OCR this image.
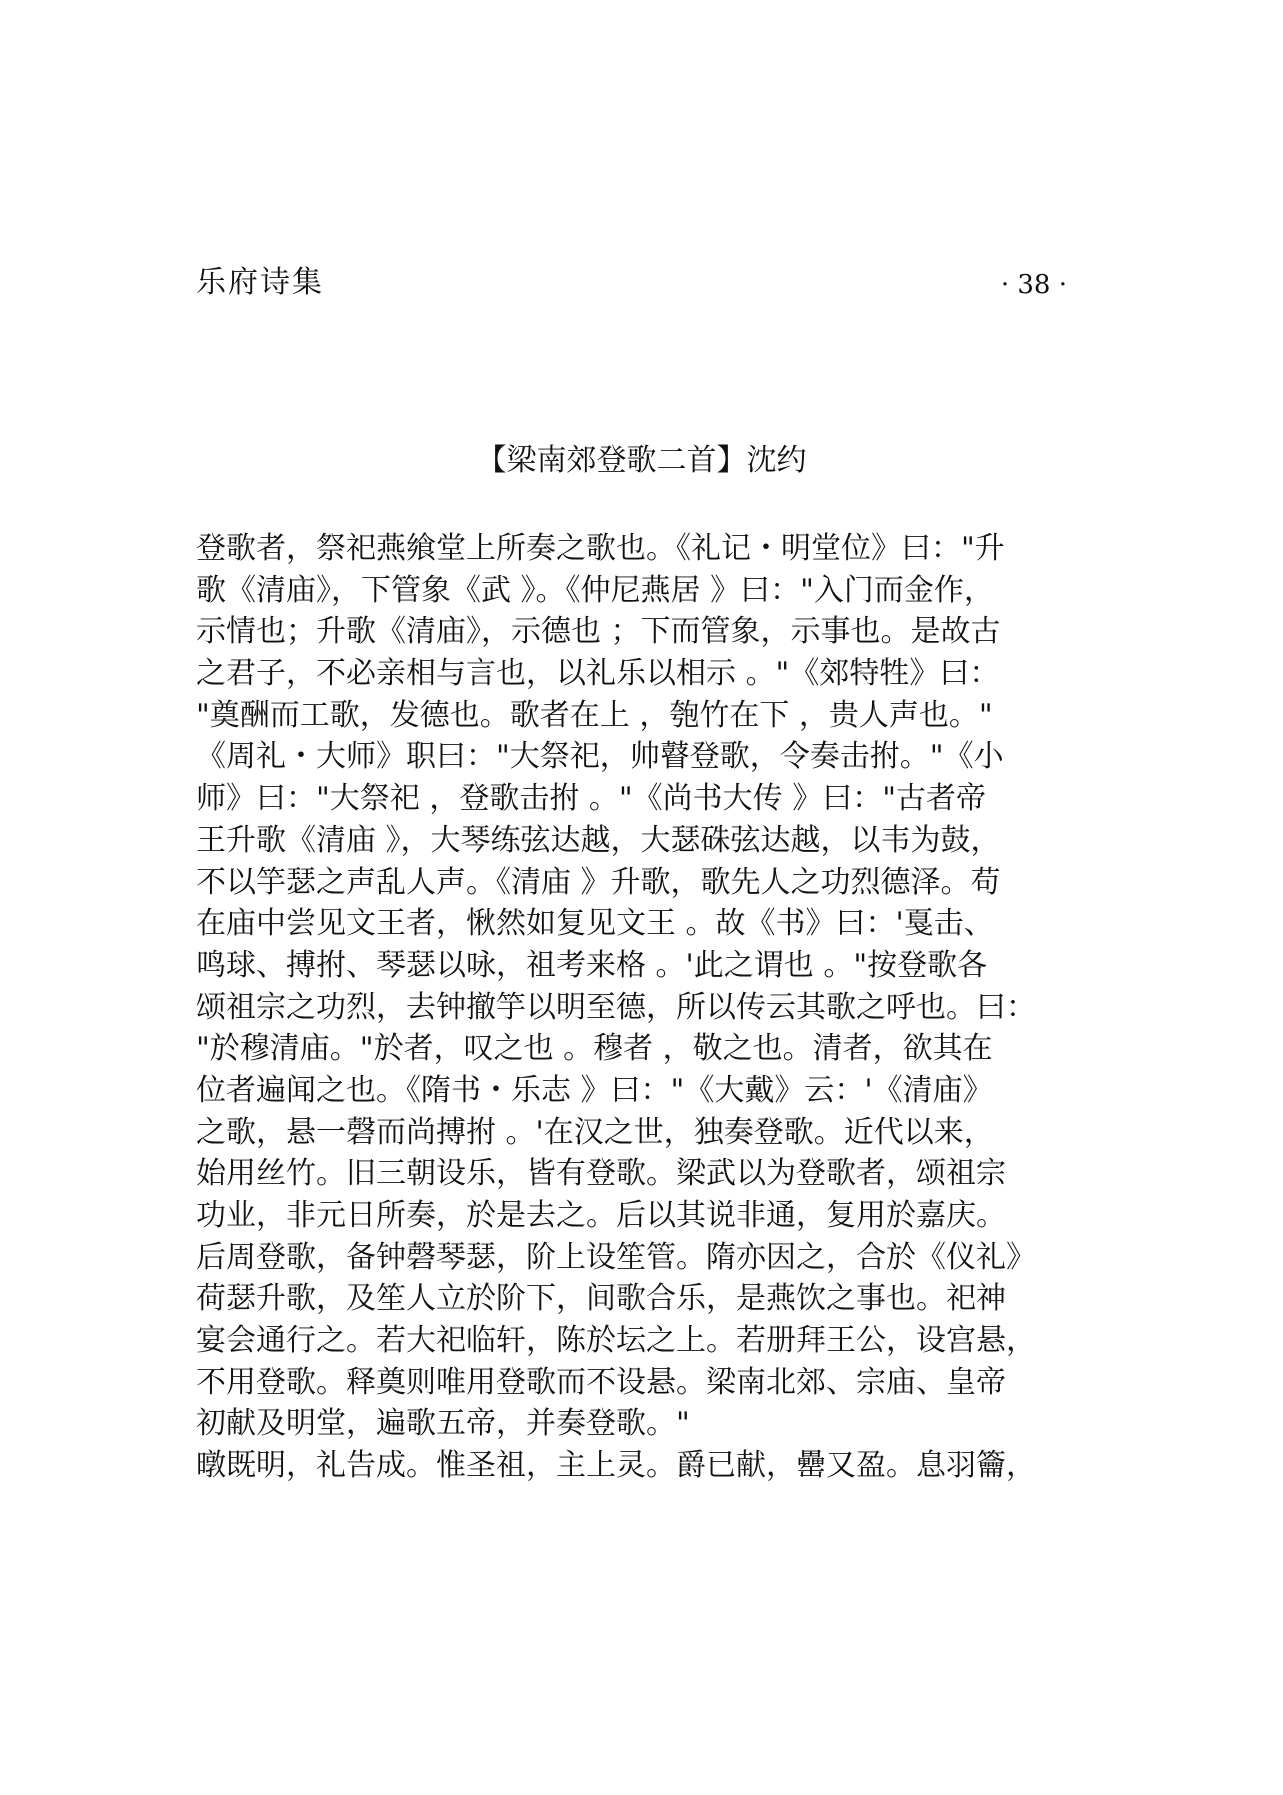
乐府诗集	· 38 ·
【梁南郊登歌二首】沈约
登歌者，祭祀燕飨堂上所奏之歌也。《礼记・明堂位》曰："升
歌《清庙》，下管象《武 》。《仲尼燕居 》曰："入门而金作，
示情也；升歌《清庙》，示德也 ；下而管象，示事也。是故古
之君子，不必亲相与言也，以礼乐以相示 。"《郊特牲》曰：
"奠酬而工歌，发德也。歌者在上 ，匏竹在下 ，贵人声也。"
《周礼・大师》职曰："大祭祀，帅瞽登歌，令奏击拊。"《小
师》曰："大祭祀 ，登歌击拊 。"《尚书大传 》曰："古者帝
王升歌《清庙 》，大琴练弦达越，大瑟硃弦达越，以韦为鼓，
不以竽瑟之声乱人声。《清庙 》升歌，歌先人之功烈德泽。苟
在庙中尝见文王者，愀然如复见文王 。故《书》曰：'戛击、
鸣球、搏拊、琴瑟以咏，祖考来格 。'此之谓也 。"按登歌各
颂祖宗之功烈，去钟撤竽以明至德，所以传云其歌之呼也。曰：
"於穆清庙。"於者，叹之也 。穆者 ，敬之也。清者，欲其在
位者遍闻之也。《隋书・乐志 》曰："《大戴》云：'《清庙》
之歌，悬一磬而尚搏拊 。'在汉之世，独奏登歌。近代以来，
始用丝竹。旧三朝设乐，皆有登歌。梁武以为登歌者，颂祖宗
功业，非元日所奏，於是去之。后以其说非通，复用於嘉庆。
后周登歌，备钟磬琴瑟，阶上设笙管。隋亦因之，合於《仪礼》
荷瑟升歌，及笙人立於阶下，间歌合乐，是燕饮之事也。祀神
宴会通行之。若大祀临轩，陈於坛之上。若册拜王公，设宫悬，
不用登歌。释奠则唯用登歌而不设悬。梁南北郊、宗庙、皇帝
初献及明堂，遍歌五帝，并奏登歌。"
暾既明，礼告成。惟圣祖，主上灵。爵已献，罍又盈。息羽籥，
